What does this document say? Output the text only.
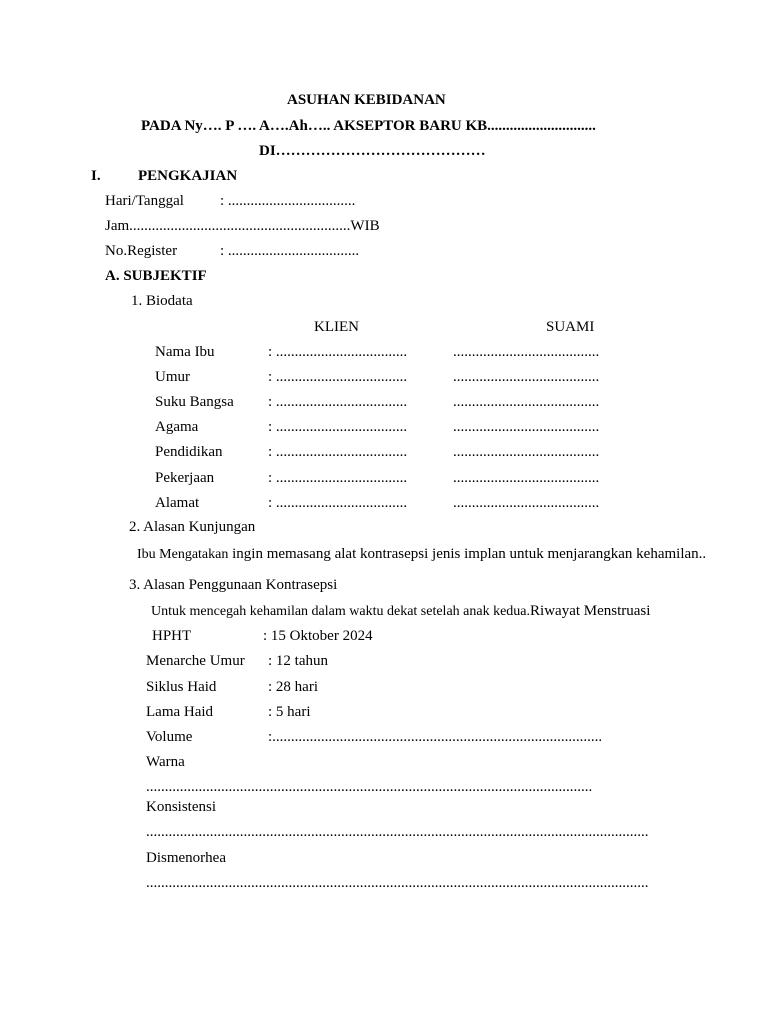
ASUHAN KEBIDANAN
PADA Ny…. P …. A….Ah….. AKSEPTOR BARU KB.............................
DI……………………………………
I. PENGKAJIAN
Hari/Tanggal : ..................................
Jam...........................................................WIB
No.Register	: ...................................
A. SUBJEKTIF
1. Biodata
KLIEN	SUAMI
Nama Ibu	: ...................................	.......................................
Umur	: ...................................	.......................................
Suku Bangsa : ...................................	.......................................
Agama	: ...................................	.......................................
Pendidikan	: ...................................	.......................................
Pekerjaan	: ...................................	.......................................
Alamat	: ...................................	.......................................
2. Alasan Kunjungan
Ibu Mengatakan ingin memasang alat kontrasepsi jenis implan untuk menjarangkan kehamilan..
3. Alasan Penggunaan Kontrasepsi
Untuk mencegah kehamilan dalam waktu dekat setelah anak kedua.Riwayat Menstruasi
HPHT	: 15 Oktober 2024
Menarche Umur : 12 tahun
Siklus Haid	: 28 hari
Lama Haid	: 5 hari
Volume	:........................................................................................
Warna
.......................................................................................................................
Konsistensi
......................................................................................................................................
Dismenorhea
......................................................................................................................................
